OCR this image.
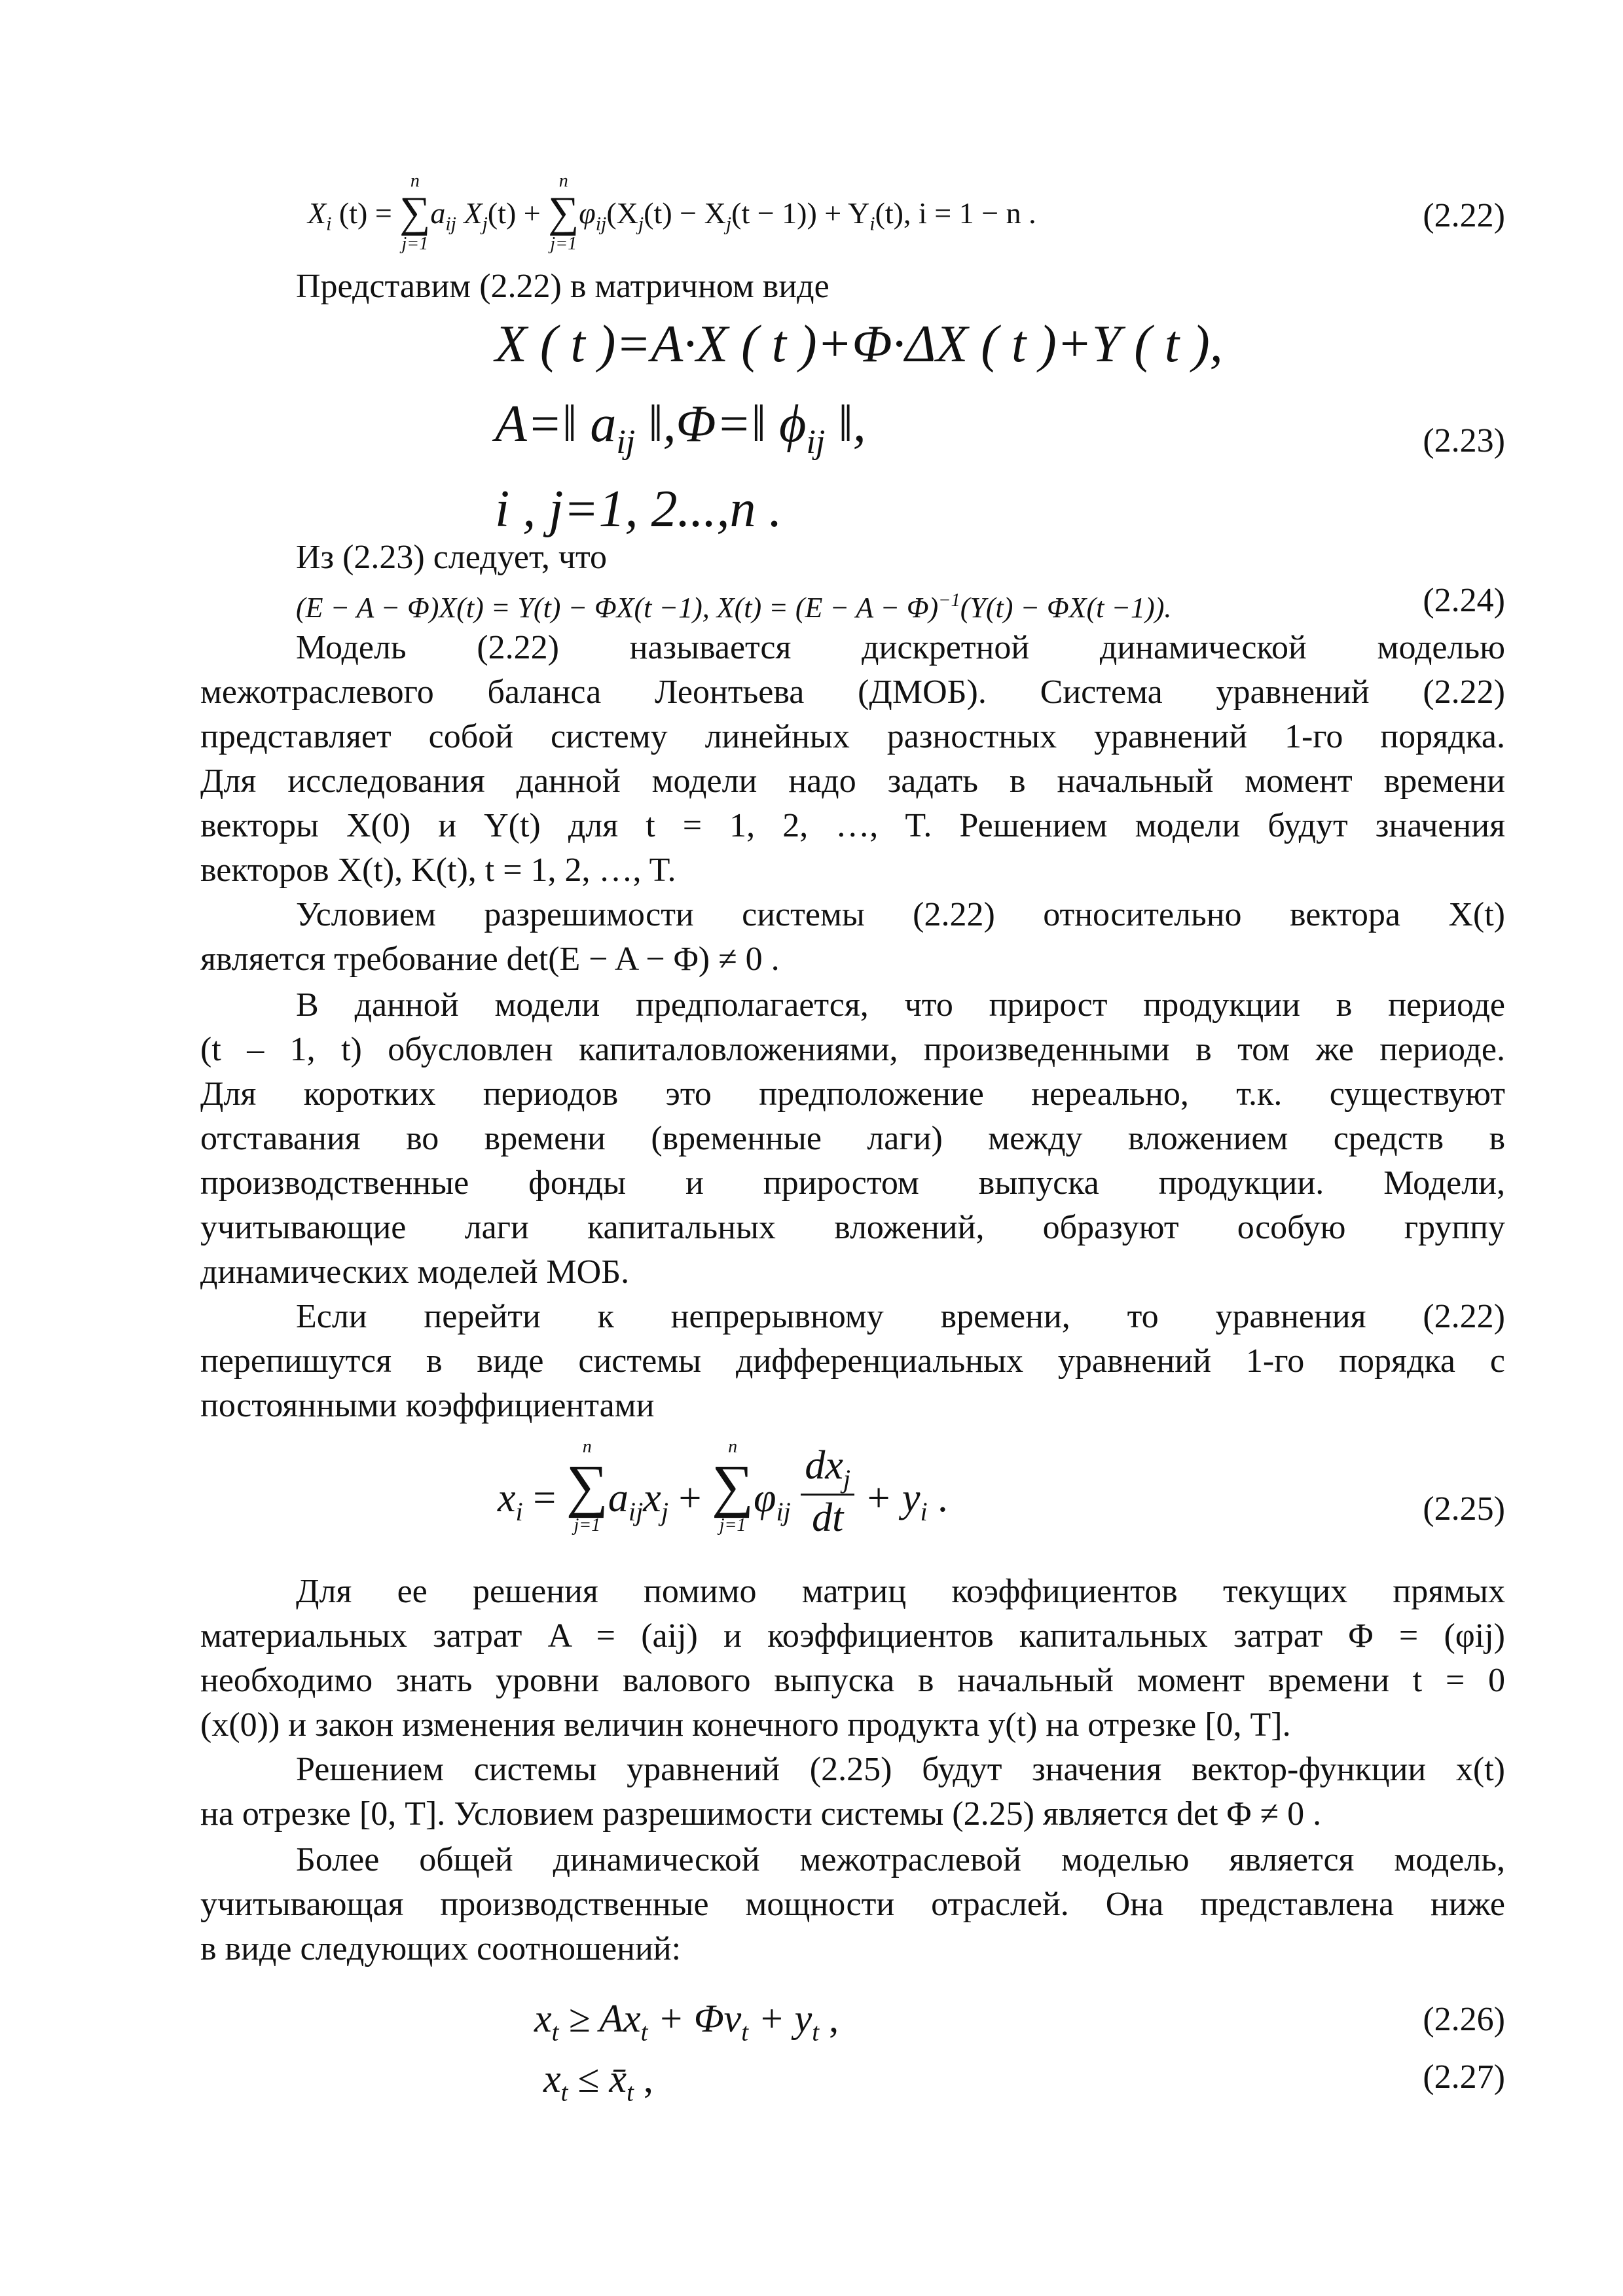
$X_i$ (t) =
n
∑
j=1
$a_{ij}$ $X_j(t)$ +
n
∑
j=1
$\varphi_{ij}(X_j(t) - X_j(t - 1)) + Y_i(t)$, i = 1 − n .	(2.22)
Представим (2.22) в матричном виде
X ( t )=A·X ( t )+Φ·ΔX ( t )+Y ( t ),
A=‖ $a_{ij}$ ‖,Φ=‖ $\phi_{ij}$ ‖,
i , j=1, 2...,n .
(2.23)
Из (2.23) следует, что
(E − A − Φ)X(t) = Y(t) − ΦX(t −1), $X(t) = (E - A - \Phi)^{-1}(Y(t) - \Phi X(t -1))$.	(2.24)
Модель (2.22) называется дискретной динамической моделью
межотраслевого баланса Леонтьева (ДМОБ). Система уравнений (2.22)
представляет собой систему линейных разностных уравнений 1-го порядка.
Для исследования данной модели надо задать в начальный момент времени
векторы X(0) и Y(t) для t = 1, 2, …, T. Решением модели будут значения
векторов X(t), K(t), t = 1, 2, …, T.
Условием разрешимости системы (2.22) относительно вектора X(t)
является требование det(E − A − Φ) ≠ 0 .
В данной модели предполагается, что прирост продукции в периоде
(t – 1, t) обусловлен капиталовложениями, произведенными в том же периоде.
Для коротких периодов это предположение нереально, т.к. существуют
отставания во времени (временные лаги) между вложением средств в
производственные фонды и приростом выпуска продукции. Модели,
учитывающие лаги капитальных вложений, образуют особую группу
динамических моделей МОБ.
Если перейти к непрерывному времени, то уравнения (2.22)
перепишутся в виде системы дифференциальных уравнений 1-го порядка с
постоянными коэффициентами
$x_i$ =
n
∑
j=1
$a_{ij}x_j$ +
n
∑
j=1
$\varphi_{ij} \frac{dx_j}{dt} + y_i$ .	(2.25)
Для ее решения помимо матриц коэффициентов текущих прямых
материальных затрат A = (aij) и коэффициентов капитальных затрат Φ = (φij)
необходимо знать уровни валового выпуска в начальный момент времени t = 0
(x(0)) и закон изменения величин конечного продукта y(t) на отрезке [0, T].
Решением системы уравнений (2.25) будут значения вектор-функции x(t)
на отрезке [0, T]. Условием разрешимости системы (2.25) является det Φ ≠ 0 .
Более общей динамической межотраслевой моделью является модель,
учитывающая производственные мощности отраслей. Она представлена ниже
в виде следующих соотношений:
$x_t \ge Ax_t + \Phi v_t + y_t$ ,	(2.26)
$x_t$ ≤ $x̄_t$ ,	(2.27)
